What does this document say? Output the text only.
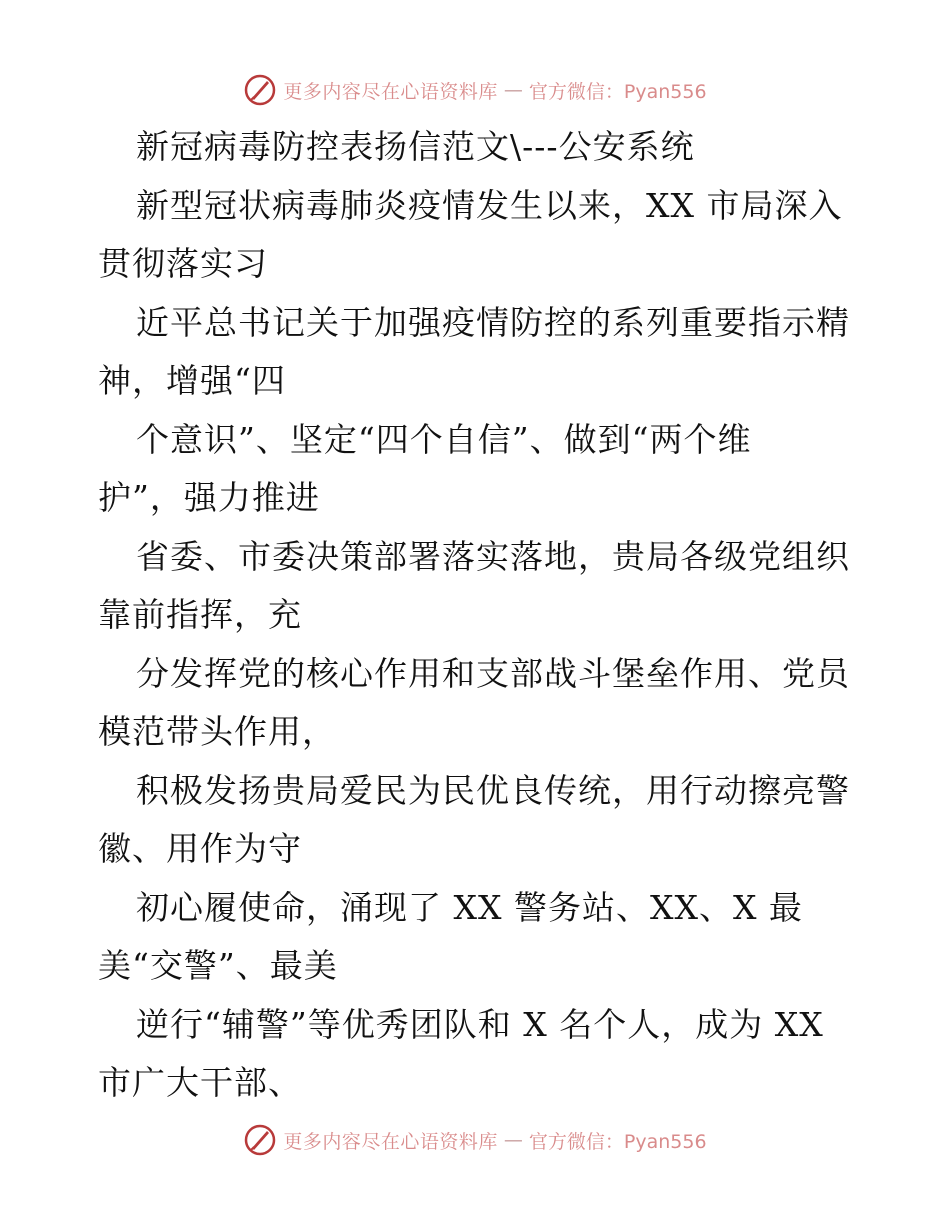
更多内容尽在心语资料库 — 官方微信：Pyan556
新冠病毒防控表扬信范文\---公安系统
新型冠状病毒肺炎疫情发生以来，XX 市局深入
贯彻落实习
近平总书记关于加强疫情防控的系列重要指示精
神，增强“四
个意识”、坚定“四个自信”、做到“两个维
护”，强力推进
省委、市委决策部署落实落地，贵局各级党组织
靠前指挥，充
分发挥党的核心作用和支部战斗堡垒作用、党员
模范带头作用，
积极发扬贵局爱民为民优良传统，用行动擦亮警
徽、用作为守
初心履使命，涌现了 XX 警务站、XX、X 最
美“交警”、最美
逆行“辅警”等优秀团队和 X 名个人，成为 XX
市广大干部、
更多内容尽在心语资料库 — 官方微信：Pyan556
